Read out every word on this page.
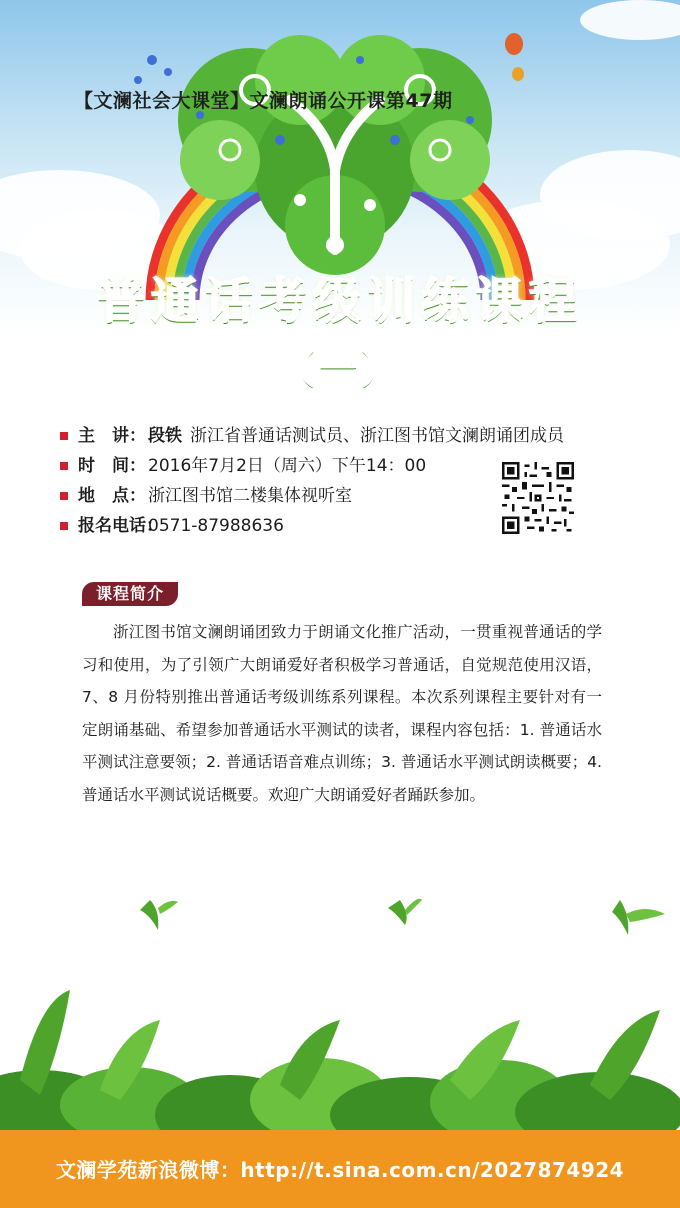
【文澜社会大课堂】文澜朗诵公开课第47期
普通话考级训练课程
（一）
主　讲： 段铁 浙江省普通话测试员、浙江图书馆文澜朗诵团成员
时　间： 2016年7月2日（周六）下午14：00
地　点： 浙江图书馆二楼集体视听室
报名电话：
0571-87988636
课程简介

浙江图书馆文澜朗诵团致力于朗诵文化推广活动，一贯重视普通话的学习和使用，为了引领广大朗诵爱好者积极学习普通话，自觉规范使用汉语，7、8 月份特别推出普通话考级训练系列课程。本次系列课程主要针对有一定朗诵基础、希望参加普通话水平测试的读者，课程内容包括：1. 普通话水平测试注意要领；2. 普通话语音难点训练；3. 普通话水平测试朗读概要；4. 普通话水平测试说话概要。欢迎广大朗诵爱好者踊跃参加。

文澜学苑新浪微博：http://t.sina.com.cn/2027874924
